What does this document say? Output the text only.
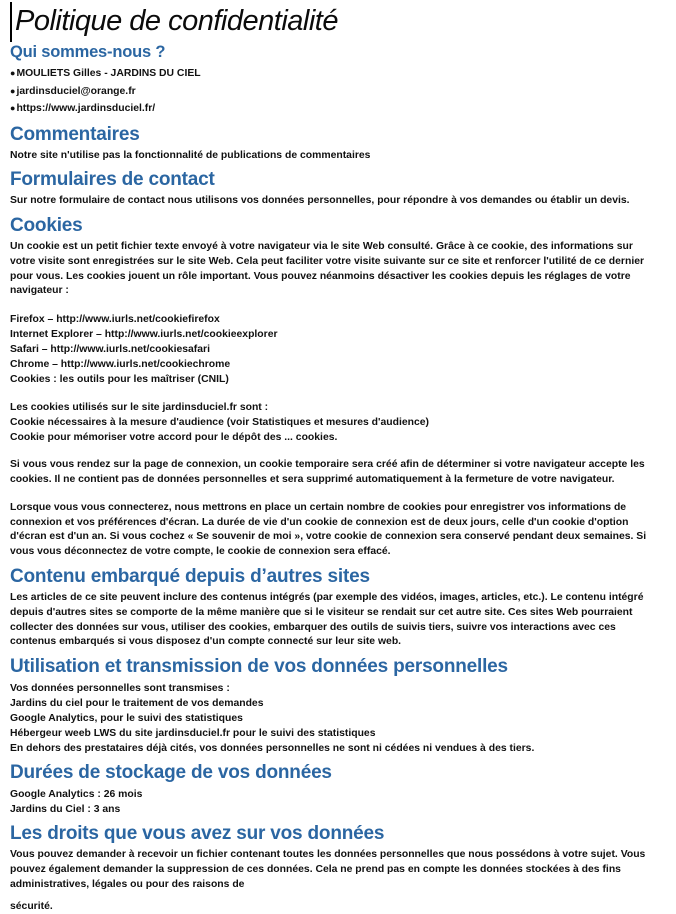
Politique de confidentialité
Qui sommes-nous ?
● MOULIETS Gilles - JARDINS DU CIEL
● jardinsduciel@orange.fr
● https://www.jardinsduciel.fr/
Commentaires

Notre site n'utilise pas la fonctionnalité de publications de commentaires

Formulaires de contact

Sur notre formulaire de contact nous utilisons vos données personnelles, pour répondre à vos demandes ou établir un devis.

Cookies

Un cookie est un petit fichier texte envoyé à votre navigateur via le site Web consulté. Grâce à ce cookie, des informations sur votre visite sont enregistrées sur le site Web. Cela peut faciliter votre visite suivante sur ce site et renforcer l'utilité de ce dernier pour vous. Les cookies jouent un rôle important. Vous pouvez néanmoins désactiver les cookies depuis les réglages de votre navigateur :

Firefox – http://www.iurls.net/cookiefirefox
Internet Explorer – http://www.iurls.net/cookieexplorer
Safari – http://www.iurls.net/cookiesafari
Chrome – http://www.iurls.net/cookiechrome
Cookies : les outils pour les maîtriser (CNIL)
Les cookies utilisés sur le site jardinsduciel.fr sont :
Cookie nécessaires à la mesure d'audience (voir Statistiques et mesures d'audience)
Cookie pour mémoriser votre accord pour le dépôt des ... cookies.

Si vous vous rendez sur la page de connexion, un cookie temporaire sera créé afin de déterminer si votre navigateur accepte les cookies. Il ne contient pas de données personnelles et sera supprimé automatiquement à la fermeture de votre navigateur.

Lorsque vous vous connecterez, nous mettrons en place un certain nombre de cookies pour enregistrer vos informations de connexion et vos préférences d'écran. La durée de vie d'un cookie de connexion est de deux jours, celle d'un cookie d'option d'écran est d'un an. Si vous cochez « Se souvenir de moi », votre cookie de connexion sera conservé pendant deux semaines. Si vous vous déconnectez de votre compte, le cookie de connexion sera effacé.

Contenu embarqué depuis d’autres sites

Les articles de ce site peuvent inclure des contenus intégrés (par exemple des vidéos, images, articles, etc.). Le contenu intégré depuis d'autres sites se comporte de la même manière que si le visiteur se rendait sur cet autre site. Ces sites Web pourraient collecter des données sur vous, utiliser des cookies, embarquer des outils de suivis tiers, suivre vos interactions avec ces contenus embarqués si vous disposez d'un compte connecté sur leur site web.

Utilisation et transmission de vos données personnelles
Vos données personnelles sont transmises :
Jardins du ciel pour le traitement de vos demandes
Google Analytics, pour le suivi des statistiques
Hébergeur weeb LWS du site jardinsduciel.fr pour le suivi des statistiques
En dehors des prestataires déjà cités, vos données personnelles ne sont ni cédées ni vendues à des tiers.
Durées de stockage de vos données
Google Analytics : 26 mois
Jardins du Ciel : 3 ans
Les droits que vous avez sur vos données

Vous pouvez demander à recevoir un fichier contenant toutes les données personnelles que nous possédons à votre sujet. Vous pouvez également demander la suppression de ces données. Cela ne prend pas en compte les données stockées à des fins administratives, légales ou pour des raisons de
sécurité.
